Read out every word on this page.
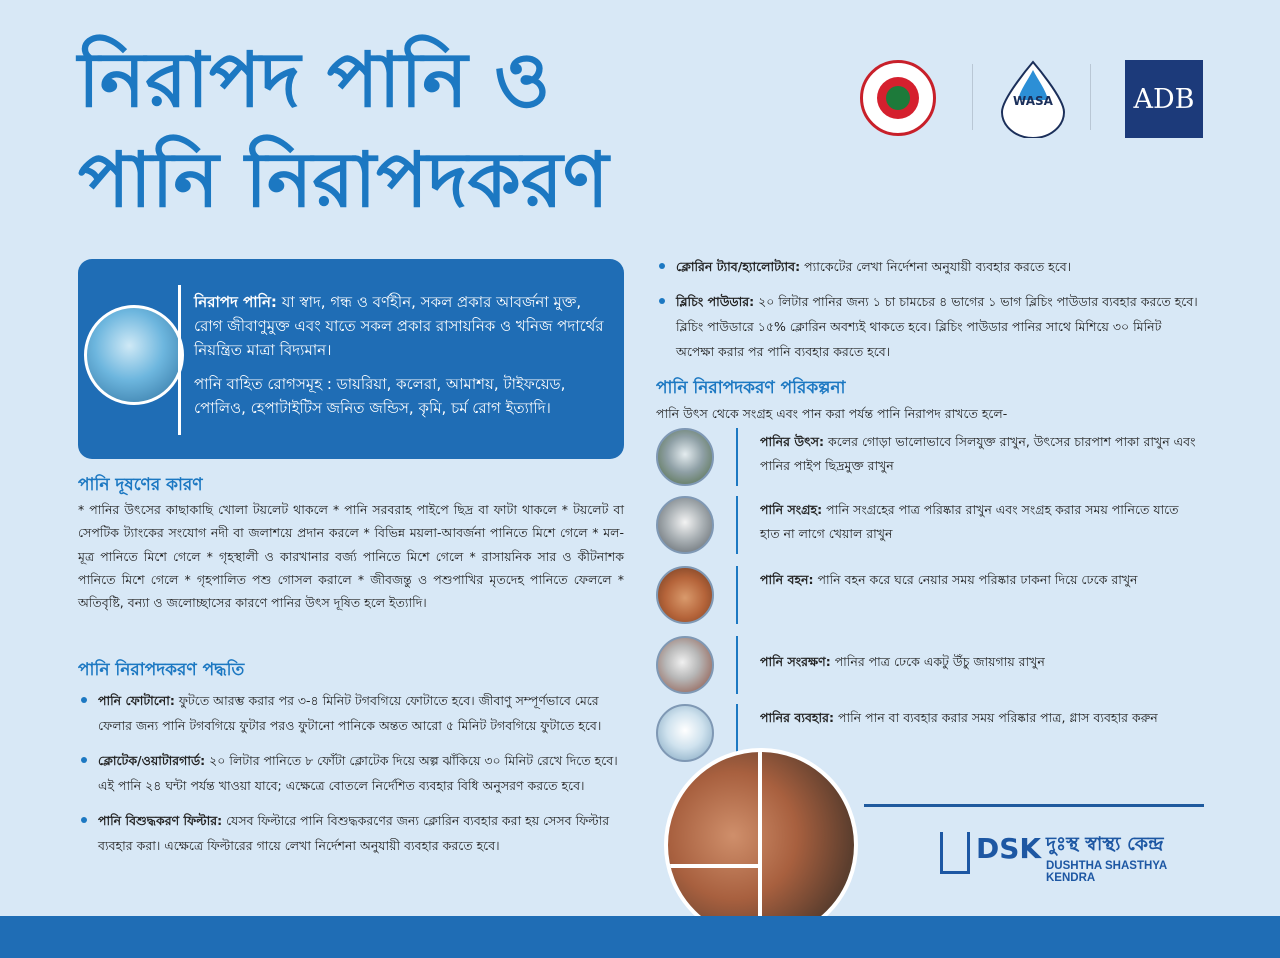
নিরাপদ পানি ও
পানি নিরাপদকরণ
WASA	ADB

নিরাপদ পানি: যা স্বাদ, গন্ধ ও বর্ণহীন, সকল প্রকার আবর্জনা মুক্ত, রোগ জীবাণুমুক্ত এবং যাতে সকল প্রকার রাসায়নিক ও খনিজ পদার্থের নিয়ন্ত্রিত মাত্রা বিদ্যমান।

পানি বাহিত রোগসমূহ : ডায়রিয়া, কলেরা, আমাশয়, টাইফয়েড, পোলিও, হেপাটাইটিস জনিত জন্ডিস, কৃমি, চর্ম রোগ ইত্যাদি।

পানি দূষণের কারণ
* পানির উৎসের কাছাকাছি খোলা টয়লেট থাকলে * পানি সরবরাহ পাইপে ছিদ্র বা ফাটা থাকলে * টয়লেট বা সেপটিক ট্যাংকের সংযোগ নদী বা জলাশয়ে প্রদান করলে * বিভিন্ন ময়লা-আবর্জনা পানিতে মিশে গেলে * মল-মূত্র পানিতে মিশে গেলে * গৃহস্থালী ও কারখানার বর্জ্য পানিতে মিশে গেলে * রাসায়নিক সার ও কীটনাশক পানিতে মিশে গেলে * গৃহপালিত পশু গোসল করালে * জীবজন্তু ও পশুপাখির মৃতদেহ পানিতে ফেললে * অতিবৃষ্টি, বন্যা ও জলোচ্ছাসের কারণে পানির উৎস দূষিত হলে ইত্যাদি।
পানি নিরাপদকরণ পদ্ধতি
পানি ফোটানো: ফুটতে আরম্ভ করার পর ৩-৪ মিনিট টগবগিয়ে ফোটাতে হবে। জীবাণু সম্পূর্ণভাবে মেরে ফেলার জন্য পানি টগবগিয়ে ফুটার পরও ফুটানো পানিকে অন্তত আরো ৫ মিনিট টগবগিয়ে ফুটাতে হবে।
ক্লোটেক/ওয়াটারগার্ড: ২০ লিটার পানিতে ৮ ফোঁটা ক্লোটেক দিয়ে অল্প ঝাঁকিয়ে ৩০ মিনিট রেখে দিতে হবে। এই পানি ২৪ ঘন্টা পর্যন্ত খাওয়া যাবে; এক্ষেত্রে বোতলে নির্দেশিত ব্যবহার বিধি অনুসরণ করতে হবে।
পানি বিশুদ্ধকরণ ফিল্টার: যেসব ফিল্টারে পানি বিশুদ্ধকরণের জন্য ক্লোরিন ব্যবহার করা হয় সেসব ফিল্টার ব্যবহার করা। এক্ষেত্রে ফিল্টারের গায়ে লেখা নির্দেশনা অনুযায়ী ব্যবহার করতে হবে।
ক্লোরিন ট্যাব/হ্যালোট্যাব: প্যাকেটের লেখা নির্দেশনা অনুযায়ী ব্যবহার করতে হবে।
ব্লিচিং পাউডার: ২০ লিটার পানির জন্য ১ চা চামচের ৪ ভাগের ১ ভাগ ব্লিচিং পাউডার ব্যবহার করতে হবে। ব্লিচিং পাউডারে ১৫% ক্লোরিন অবশ্যই থাকতে হবে। ব্লিচিং পাউডার পানির সাথে মিশিয়ে ৩০ মিনিট অপেক্ষা করার পর পানি ব্যবহার করতে হবে।
পানি নিরাপদকরণ পরিকল্পনা
পানি উৎস থেকে সংগ্রহ এবং পান করা পর্যন্ত পানি নিরাপদ রাখতে হলে-
পানির উৎস: কলের গোড়া ভালোভাবে সিলযুক্ত রাখুন, উৎসের চারপাশ পাকা রাখুন এবং পানির পাইপ ছিদ্রমুক্ত রাখুন
পানি সংগ্রহ: পানি সংগ্রহের পাত্র পরিষ্কার রাখুন এবং সংগ্রহ করার সময় পানিতে যাতে হাত না লাগে খেয়াল রাখুন
পানি বহন: পানি বহন করে ঘরে নেয়ার সময় পরিষ্কার ঢাকনা দিয়ে ঢেকে রাখুন
পানি সংরক্ষণ: পানির পাত্র ঢেকে একটু উঁচু জায়গায় রাখুন
পানির ব্যবহার: পানি পান বা ব্যবহার করার সময় পরিষ্কার পাত্র, গ্লাস ব্যবহার করুন
DSK দুঃস্থ স্বাস্থ্য কেন্দ্র
DUSHTHA SHASTHYA KENDRA
